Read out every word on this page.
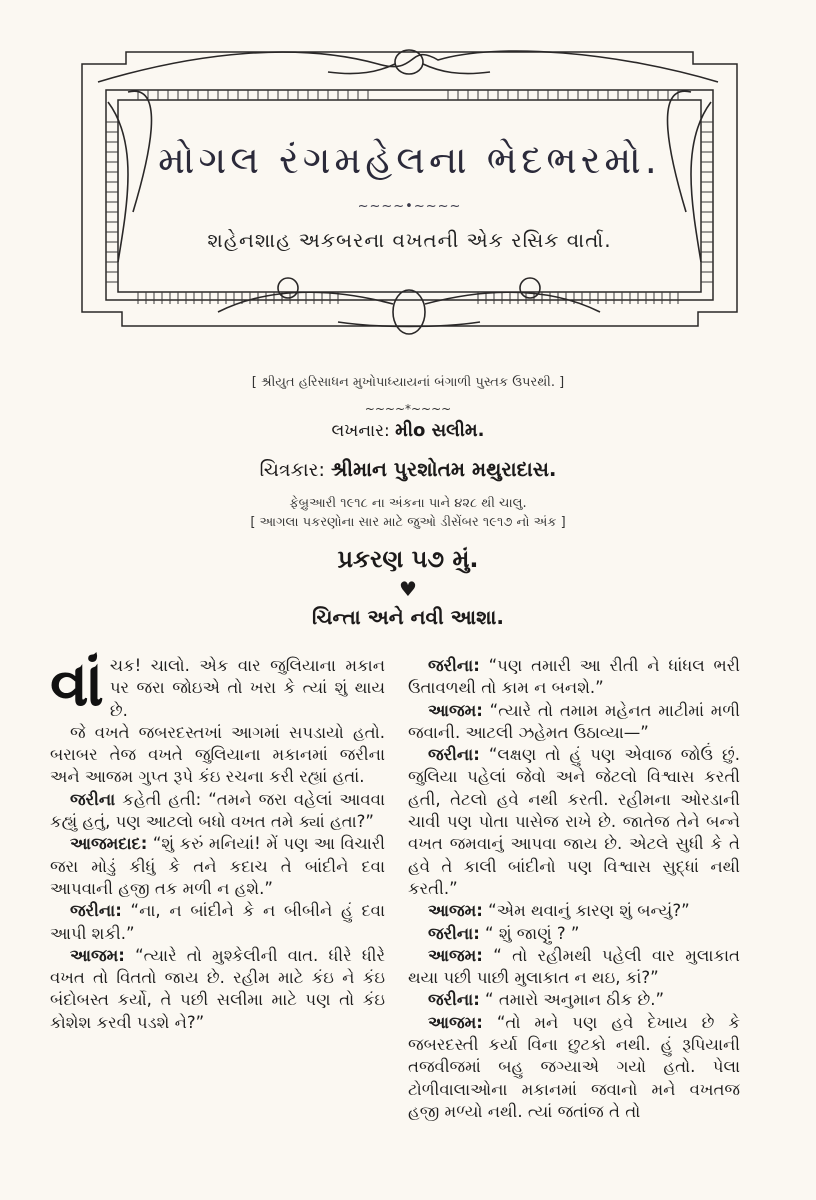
મોગલ રંગમહેલના ભેદભરમો.
~~~~•~~~~
શહેનશાહ અકબરના વખતની એક રસિક વાર્તા.
[ શ્રીયુત હરિસાધન મુખોપાધ્યાયનાં બંગાળી પુસ્તક ઉપરથી. ]
~~~~*~~~~
લખનાર: મીo સલીમ.
ચિત્રકાર: શ્રીમાન પુરશોતમ મથુરાદાસ.
ફેબ્રુઆરી ૧૯૧૮ ના અંકના પાને ૪૨૮ થી ચાલુ.
[ આગલા પકરણોના સાર માટે જુઓ ડીસેંબર ૧૯૧૭ નો અંક ]
પ્રકરણ ૫૭ મું.
♥
ચિન્તા અને નવી આશા.

વાંચક! ચાલો. એક વાર જુલિયાના મકાન પર જરા જોઇએ તો ખરા કે ત્યાં શું થાય છે.

જે વખતે જબરદસ્તખાં આગમાં સપડાયો હતો. બરાબર તેજ વખતે જુલિયાના મકાનમાં જરીના અને આજમ ગુપ્ત રૂપે કંઇ રચના કરી રહ્યાં હતાં.

જરીના કહેતી હતી: “તમને જરા વહેલાં આવવા કહ્યું હતું, પણ આટલો બધો વખત તમે ક્યાં હતા?”

આજમદાદ: “શું કરું મનિયાં! મેં પણ આ વિચારી જરા મોડું કીધું કે તને કદાચ તે બાંદીને દવા આપવાની હજી તક મળી ન હશે.”

જરીના: “ના, ન બાંદીને કે ન બીબીને હું દવા આપી શકી.”

આજમ: “ત્યારે તો મુશ્કેલીની વાત. ધીરે ધીરે વખત તો વિતતો જાય છે. રહીમ માટે કંઇ ને કંઇ બંદોબસ્ત કર્યો, તે પછી સલીમા માટે પણ તો કંઇ કોશેશ કરવી પડશે ને?”

જરીના: “પણ તમારી આ રીતી ને ધાંધલ ભરી ઉતાવળથી તો કામ ન બનશે.”

આજમ: “ત્યારે તો તમામ મહેનત માટીમાં મળી જવાની. આટલી ઝહેમત ઉઠાવ્યા—”

જરીના: “લક્ષણ તો હું પણ એવાજ જોઉં છું. જુલિયા પહેલાં જેવો અને જેટલો વિશ્વાસ કરતી હતી, તેટલો હવે નથી કરતી. રહીમના ઓરડાની ચાવી પણ પોતા પાસેજ રાખે છે. જાતેજ તેને બન્ને વખત જમવાનું આપવા જાય છે. એટલે સુધી કે તે હવે તે કાલી બાંદીનો પણ વિશ્વાસ સુદ્ધાં નથી કરતી.”

આજમ: “એમ થવાનું કારણ શું બન્યું?”

જરીના: “ શું જાણું ? ”

આજમ: “ તો રહીમથી પહેલી વાર મુલાકાત થયા પછી પાછી મુલાકાત ન થઇ, કાં?”

જરીના: “ તમારો અનુમાન ઠીક છે.”

આજમ: “તો મને પણ હવે દેખાય છે કે જબરદસ્તી કર્યા વિના છુટકો નથી. હું રૂપિયાની તજવીજમાં બહુ જગ્યાએ ગયો હતો. પેલા ટોળીવાલાઓના મકાનમાં જવાનો મને વખતજ હજી મળ્યો નથી. ત્યાં જતાંજ તે તો
